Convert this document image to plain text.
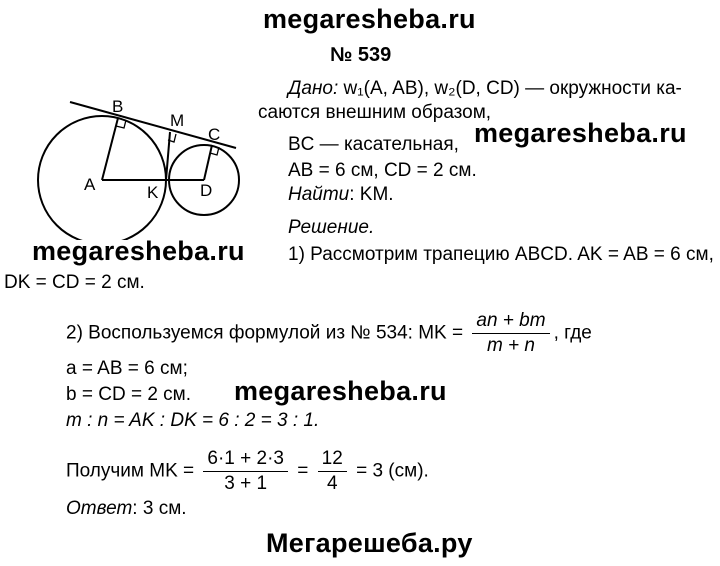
megaresheba.ru
megaresheba.ru
megaresheba.ru
megaresheba.ru
Мегарешеба.ру
№ 539
Дано: w₁(A, AB), w₂(D, CD) — окружности ка-
саются внешним образом,
BC — касательная,
AB = 6 см, CD = 2 см.
Найти: KM.
Решение.
1) Рассмотрим трапецию ABCD. AK = AB = 6 см,
DK = CD = 2 см.
2) Воспользуемся формулой из № 534: MK = $\frac{an + bm}{m + n}$ , где
a = AB = 6 см;
b = CD = 2 см.
m : n = AK : DK = 6 : 2 = 3 : 1.
Получим MK = $\frac{6\cdot 1 + 2\cdot 3}{3 + 1} = \frac{12}{4} = 3$ (см).
Ответ: 3 см.
B
M
C
A	K D
